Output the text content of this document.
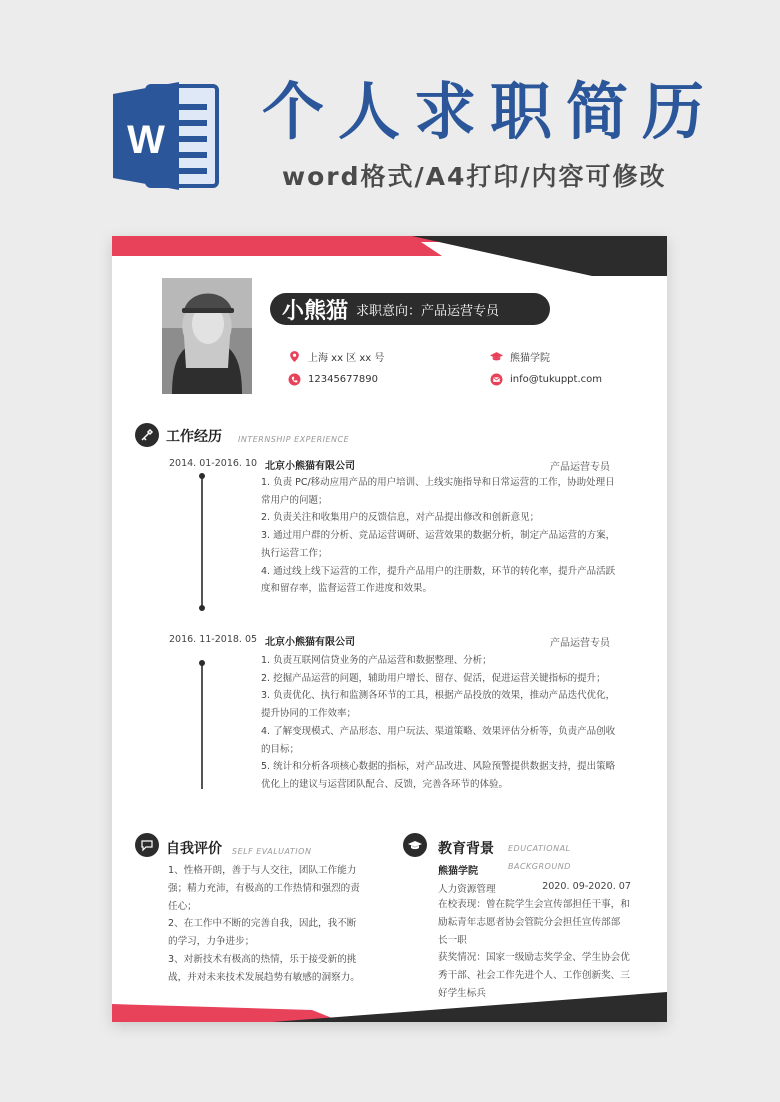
W 个人求职简历
word格式/A4打印/内容可修改
小熊猫 求职意向：产品运营专员
上海 xx 区 xx 号
12345677890
熊猫学院
info@tukuppt.com
工作经历 INTERNSHIP EXPERIENCE
2014. 01-2016. 10 北京小熊猫有限公司	产品运营专员
1. 负责 PC/移动应用产品的用户培训、上线实施指导和日常运营的工作，协助处理日
常用户的问题；
2. 负责关注和收集用户的反馈信息，对产品提出修改和创新意见；
3. 通过用户群的分析、竞品运营调研、运营效果的数据分析，制定产品运营的方案，
执行运营工作；
4. 通过线上线下运营的工作，提升产品用户的注册数，环节的转化率，提升产品活跃
度和留存率，监督运营工作进度和效果。
2016. 11-2018. 05 北京小熊猫有限公司	产品运营专员
1. 负责互联网信贷业务的产品运营和数据整理、分析；
2. 挖掘产品运营的问题，辅助用户增长、留存、促活，促进运营关键指标的提升；
3. 负责优化、执行和监测各环节的工具，根据产品投放的效果，推动产品迭代优化，
提升协同的工作效率；
4. 了解变现模式、产品形态、用户玩法、渠道策略、效果评估分析等，负责产品创收
的目标；
5. 统计和分析各项核心数据的指标，对产品改进、风险预警提供数据支持，提出策略
优化上的建议与运营团队配合、反馈，完善各环节的体验。
自我评价 SELF EVALUATION
1、性格开朗，善于与人交往，团队工作能力
强；精力充沛，有极高的工作热情和强烈的责
任心；
2、在工作中不断的完善自我，因此，我不断
的学习，力争进步；
3、对新技术有极高的热情，乐于接受新的挑
战，并对未来技术发展趋势有敏感的洞察力。
教育背景 EDUCATIONAL
BACKGROUND
熊猫学院
人力资源管理	2020. 09-2020. 07
在校表现：曾在院学生会宣传部担任干事，和
励耘青年志愿者协会管院分会担任宣传部部
长一职
获奖情况：国家一级励志奖学金、学生协会优
秀干部、社会工作先进个人、工作创新奖、三
好学生标兵
